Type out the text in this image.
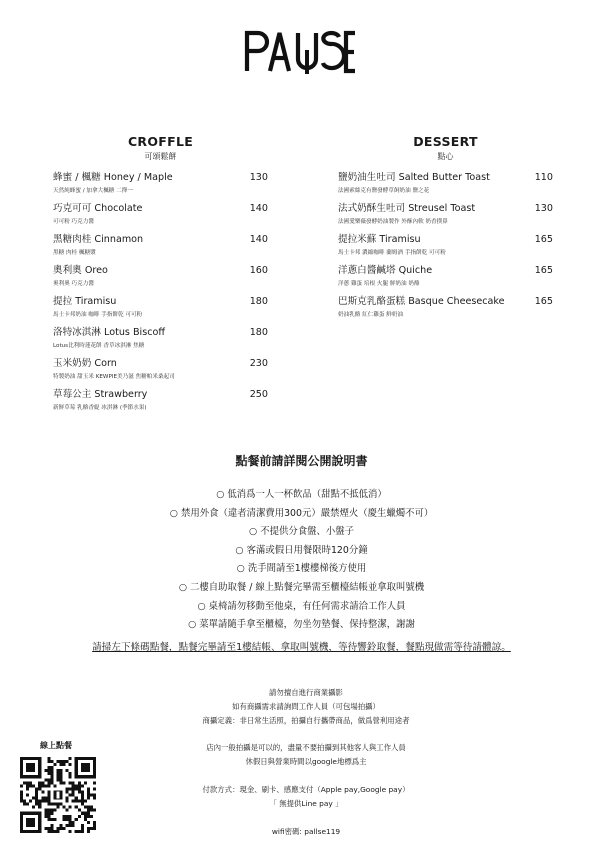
CROFFLE
可頌鬆餅
蜂蜜 / 楓糖 Honey / Maple	130
天然純蜂蜜 / 加拿大楓糖 二擇一
巧克可可 Chocolate	140
可可粉 巧克力醬
黑糖肉桂 Cinnamon	140
黑糖 肉桂 楓糖漿
奧利奧 Oreo	160
奧利奧 巧克力醬
提拉 Tiramisu	180
馬士卡邦奶油 咖啡 手指餅乾 可可粉
洛特冰淇淋 Lotus Biscoff	180
Lotus比利時蓮花餅 香草冰淇淋 焦糖
玉米奶奶 Corn	230
特製奶油 甜玉米 KEWPIE美乃滋 焦糖帕米桑起司
草莓公主 Strawberry	250
新鮮草莓 乳酪香緹 冰淇淋 (季節水果)
DESSERT
點心
鹽奶油生吐司 Salted Butter Toast	110
法國索絲克有鹽發酵草飼奶油 鹽之花
法式奶酥生吐司 Streusel Toast	130
法國愛樂薇發酵奶油製作 外酥內軟 奶香撲鼻
提拉米蘇 Tiramisu	165
馬士卡邦 濃縮咖啡 蘭姆酒 手指餅乾 可可粉
洋蔥白醬鹹塔 Quiche	165
洋蔥 雞蛋 培根 火腿 鮮奶油 奶酪
巴斯克乳酪蛋糕 Basque Cheesecake	165
奶油乳酪 紅仁雞蛋 鮮奶油
點餐前請詳閱公開說明書
○ 低消爲一人一杯飲品（甜點不抵低消）
○ 禁用外食（違者清潔費用300元）嚴禁煙火（慶生蠟燭不可）
○ 不提供分食盤、小盤子
○ 客滿或假日用餐限時120分鐘
○ 洗手間請至1樓樓梯後方使用
○ 二樓自助取餐 / 線上點餐完畢需至櫃檯結帳並拿取叫號機
○ 桌椅請勿移動至他桌，有任何需求請洽工作人員
○ 菜單請隨手拿至櫃檯，勿坐勿墊餐、保持整潔，謝謝
請掃左下條碼點餐，點餐完畢請至1樓結帳、拿取叫號機，等待響鈴取餐，餐點現做需等待請體諒。
請勿擅自進行商業攝影
如有商攝需求請詢問工作人員（可包場拍攝）
商攝定義：非日常生活照，拍攝自行攜帶商品，做爲營利用途者
店內一般拍攝是可以的，盡量不要拍攝到其他客人與工作人員
休假日與營業時間以google地標爲主
付款方式：現金、刷卡、感應支付（Apple pay,Google pay）
「 無提供Line pay 」
wifi密碼: pallse119
線上點餐
